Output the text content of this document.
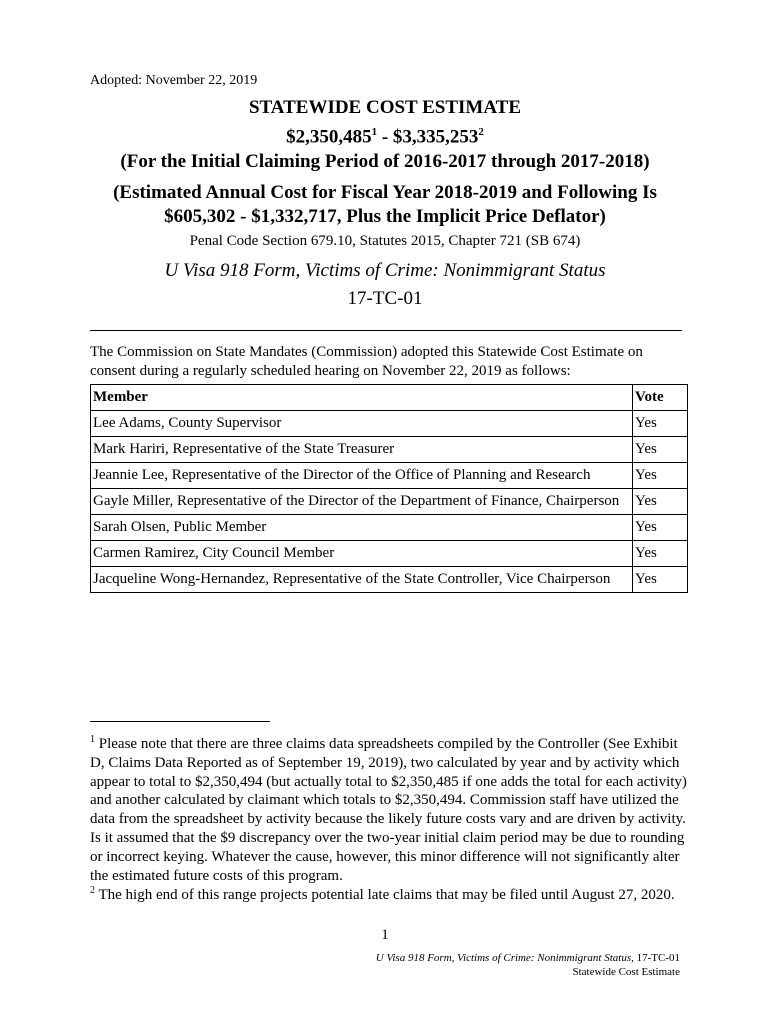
Adopted: November 22, 2019
STATEWIDE COST ESTIMATE
$2,350,485$^1$ - $3,335,253$^2$
(For the Initial Claiming Period of 2016-2017 through 2017-2018)
(Estimated Annual Cost for Fiscal Year 2018-2019 and Following Is
$605,302 - $1,332,717, Plus the Implicit Price Deflator)
Penal Code Section 679.10, Statutes 2015, Chapter 721 (SB 674)
U Visa 918 Form, Victims of Crime: Nonimmigrant Status
17-TC-01
The Commission on State Mandates (Commission) adopted this Statewide Cost Estimate on consent during a regularly scheduled hearing on November 22, 2019 as follows:
Member	Vote
Lee Adams, County Supervisor	Yes
Mark Hariri, Representative of the State Treasurer	Yes
Jeannie Lee, Representative of the Director of the Office of Planning and Research	Yes
Gayle Miller, Representative of the Director of the Department of Finance, Chairperson	Yes
Sarah Olsen, Public Member	Yes
Carmen Ramirez, City Council Member	Yes
Jacqueline Wong-Hernandez, Representative of the State Controller, Vice Chairperson	Yes
$^1$ Please note that there are three claims data spreadsheets compiled by the Controller (See Exhibit D, Claims Data Reported as of September 19, 2019), two calculated by year and by activity which appear to total to $2,350,494 (but actually total to $2,350,485 if one adds the total for each activity) and another calculated by claimant which totals to $2,350,494. Commission staff have utilized the data from the spreadsheet by activity because the likely future costs vary and are driven by activity. Is it assumed that the $9 discrepancy over the two-year initial claim period may be due to rounding or incorrect keying. Whatever the cause, however, this minor difference will not significantly alter the estimated future costs of this program.
$^2$ The high end of this range projects potential late claims that may be filed until August 27, 2020.
1
U Visa 918 Form, Victims of Crime: Nonimmigrant Status, 17-TC-01
Statewide Cost Estimate
